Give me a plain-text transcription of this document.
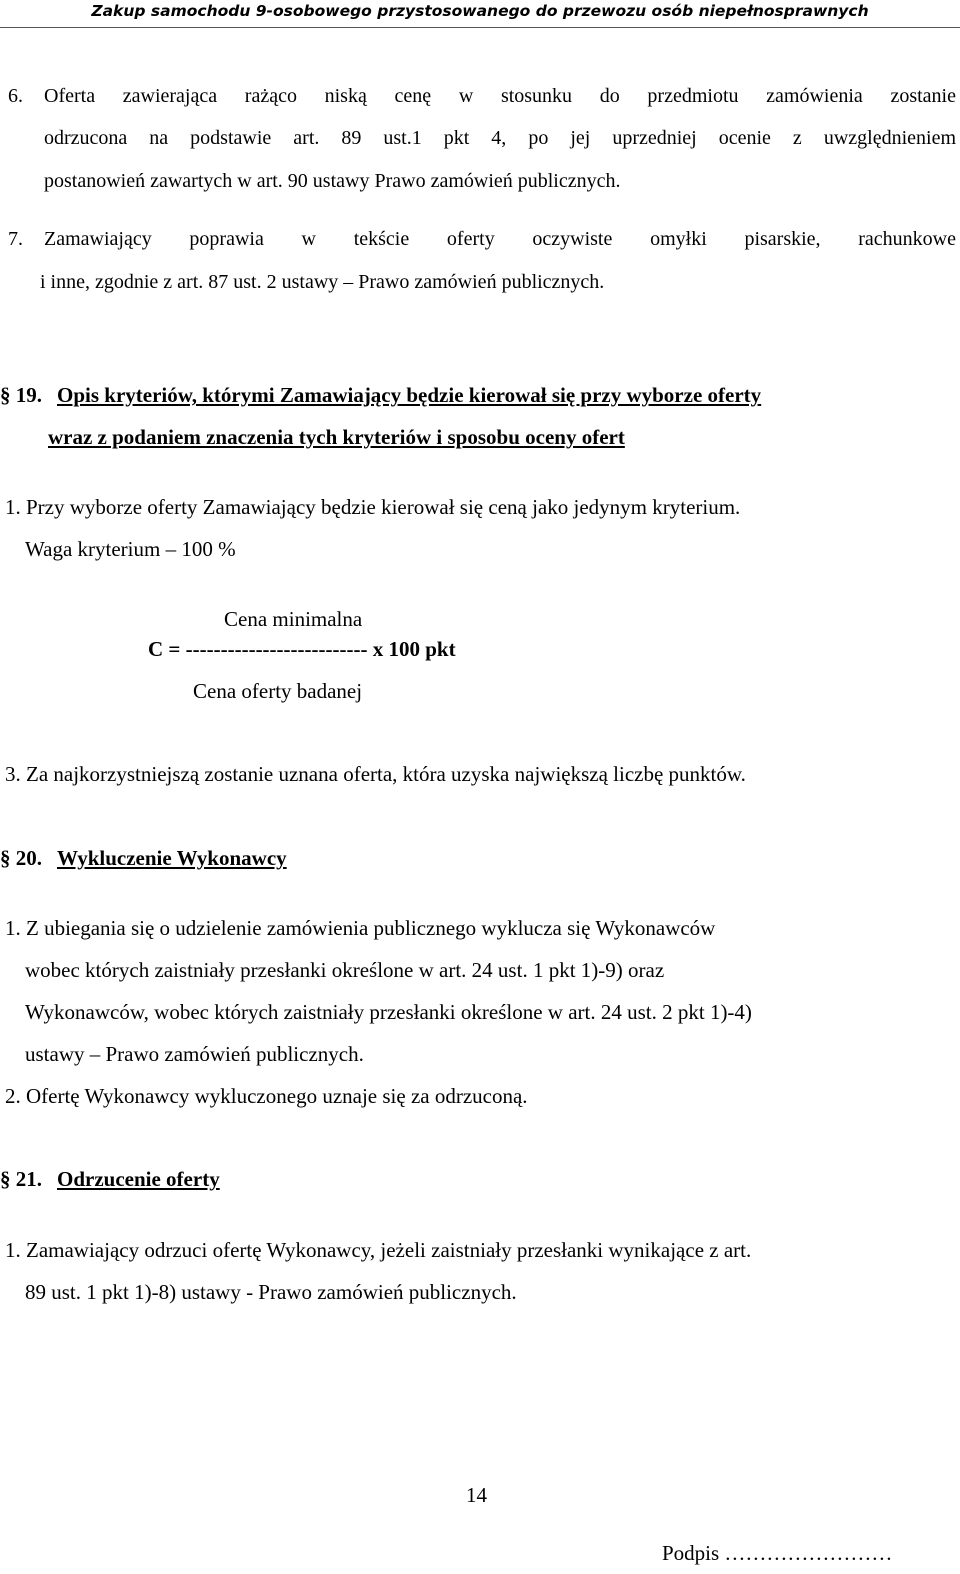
Zakup samochodu 9-osobowego przystosowanego do przewozu osób niepełnosprawnych
6. Oferta zawierająca rażąco niską cenę w stosunku do przedmiotu zamówienia zostanie
odrzucona na podstawie art. 89 ust.1 pkt 4, po jej uprzedniej ocenie z uwzględnieniem
postanowień zawartych w art. 90 ustawy Prawo zamówień publicznych.
7. Zamawiający poprawia w tekście oferty oczywiste omyłki pisarskie, rachunkowe
i inne, zgodnie z art. 87 ust. 2 ustawy – Prawo zamówień publicznych.
§ 19. Opis kryteriów, którymi Zamawiający będzie kierował się przy wyborze oferty
wraz z podaniem znaczenia tych kryteriów i sposobu oceny ofert
1. Przy wyborze oferty Zamawiający będzie kierował się ceną jako jedynym kryterium.
Waga kryterium – 100 %
Cena minimalna
C = -------------------------- x 100 pkt
Cena oferty badanej
3. Za najkorzystniejszą zostanie uznana oferta, która uzyska największą liczbę punktów.
§ 20. Wykluczenie Wykonawcy
1. Z ubiegania się o udzielenie zamówienia publicznego wyklucza się Wykonawców
wobec których zaistniały przesłanki określone w art. 24 ust. 1 pkt 1)-9) oraz
Wykonawców, wobec których zaistniały przesłanki określone w art. 24 ust. 2 pkt 1)-4)
ustawy – Prawo zamówień publicznych.
2. Ofertę Wykonawcy wykluczonego uznaje się za odrzuconą.
§ 21. Odrzucenie oferty
1. Zamawiający odrzuci ofertę Wykonawcy, jeżeli zaistniały przesłanki wynikające z art.
89 ust. 1 pkt 1)-8) ustawy - Prawo zamówień publicznych.
14
Podpis ……………………
